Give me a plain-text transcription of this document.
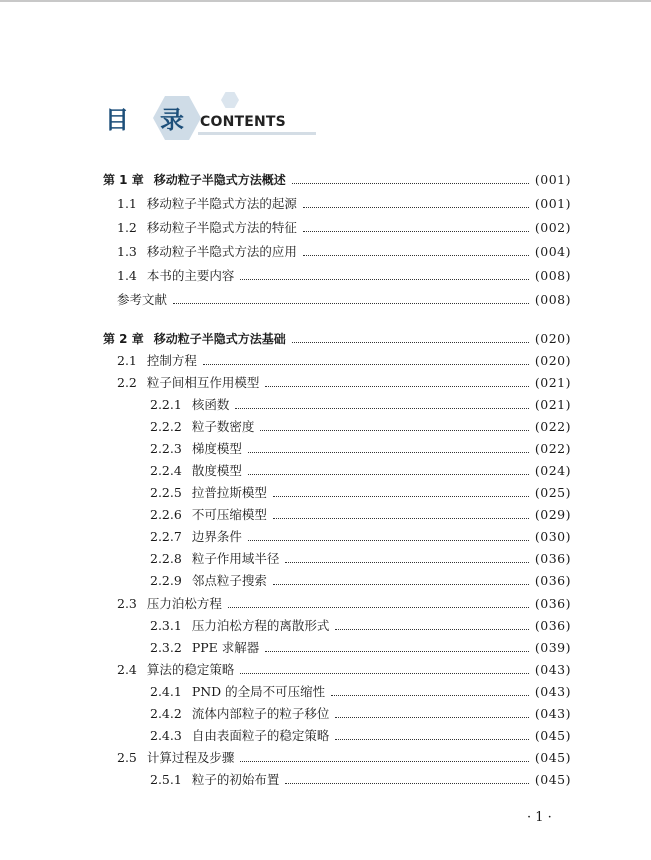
目 录 CONTENTS
第 1 章 移动粒子半隐式方法概述	(001)
1.1 移动粒子半隐式方法的起源	(001)
1.2 移动粒子半隐式方法的特征	(002)
1.3 移动粒子半隐式方法的应用	(004)
1.4 本书的主要内容	(008)
参考文献	(008)
第 2 章 移动粒子半隐式方法基础	(020)
2.1 控制方程	(020)
2.2 粒子间相互作用模型	(021)
2.2.1 核函数	(021)
2.2.2 粒子数密度	(022)
2.2.3 梯度模型	(022)
2.2.4 散度模型	(024)
2.2.5 拉普拉斯模型	(025)
2.2.6 不可压缩模型	(029)
2.2.7 边界条件	(030)
2.2.8 粒子作用域半径	(036)
2.2.9 邻点粒子搜索	(036)
2.3 压力泊松方程	(036)
2.3.1 压力泊松方程的离散形式	(036)
2.3.2 PPE 求解器	(039)
2.4 算法的稳定策略	(043)
2.4.1 PND 的全局不可压缩性	(043)
2.4.2 流体内部粒子的粒子移位	(043)
2.4.3 自由表面粒子的稳定策略	(045)
2.5 计算过程及步骤	(045)
2.5.1 粒子的初始布置	(045)
· 1 ·
